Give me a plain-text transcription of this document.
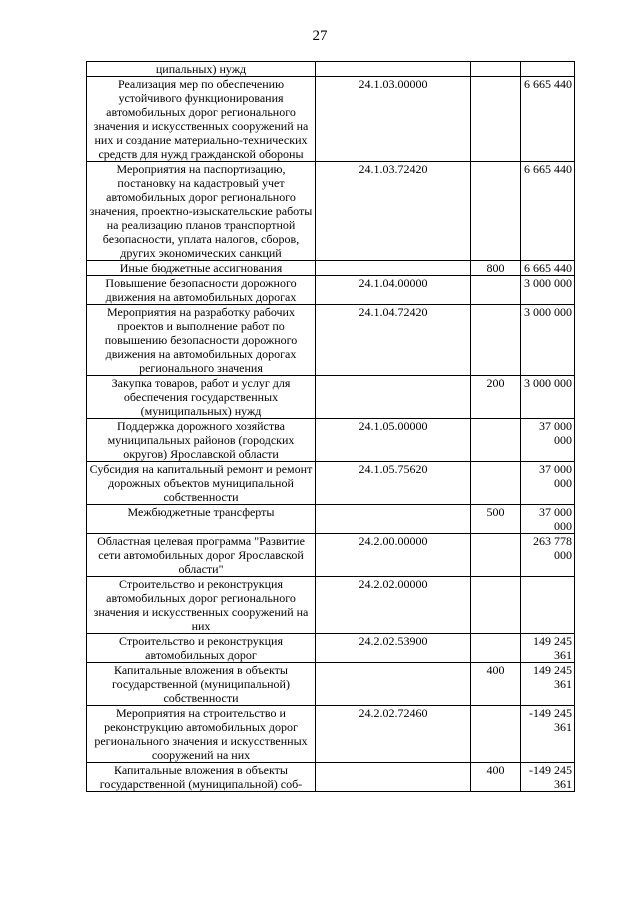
27
ципальных) нужд			
Реализация мер по обеспечению устойчивого функционирования автомобильных дорог регионального значения и искусственных сооружений на них и создание материально-технических средств для нужд гражданской обороны	24.1.03.00000		6 665 440
Мероприятия на паспортизацию, постановку на кадастровый учет автомобильных дорог регионального значения, проектно-изыскательские работы на реализацию планов транспортной безопасности, уплата налогов, сборов, других экономических санкций	24.1.03.72420		6 665 440
Иные бюджетные ассигнования		800	6 665 440
Повышение безопасности дорожного движения на автомобильных дорогах	24.1.04.00000		3 000 000
Мероприятия на разработку рабочих проектов и выполнение работ по повышению безопасности дорожного движения на автомобильных дорогах регионального значения	24.1.04.72420		3 000 000
Закупка товаров, работ и услуг для обеспечения государственных (муниципальных) нужд		200	3 000 000
Поддержка дорожного хозяйства муниципальных районов (городских округов) Ярославской области	24.1.05.00000		37 000 000
Субсидия на капитальный ремонт и ремонт дорожных объектов муниципальной собственности	24.1.05.75620		37 000 000
Межбюджетные трансферты		500	37 000 000
Областная целевая программа "Развитие сети автомобильных дорог Ярославской области"	24.2.00.00000		263 778 000
Строительство и реконструкция автомобильных дорог регионального значения и искусственных сооружений на них	24.2.02.00000		
Строительство и реконструкция автомобильных дорог	24.2.02.53900		149 245 361
Капитальные вложения в объекты государственной (муниципальной) собственности		400	149 245 361
Мероприятия на строительство и реконструкцию автомобильных дорог регионального значения и искусственных сооружений на них	24.2.02.72460		-149 245 361
Капитальные вложения в объекты государственной (муниципальной) соб-		400	-149 245 361
